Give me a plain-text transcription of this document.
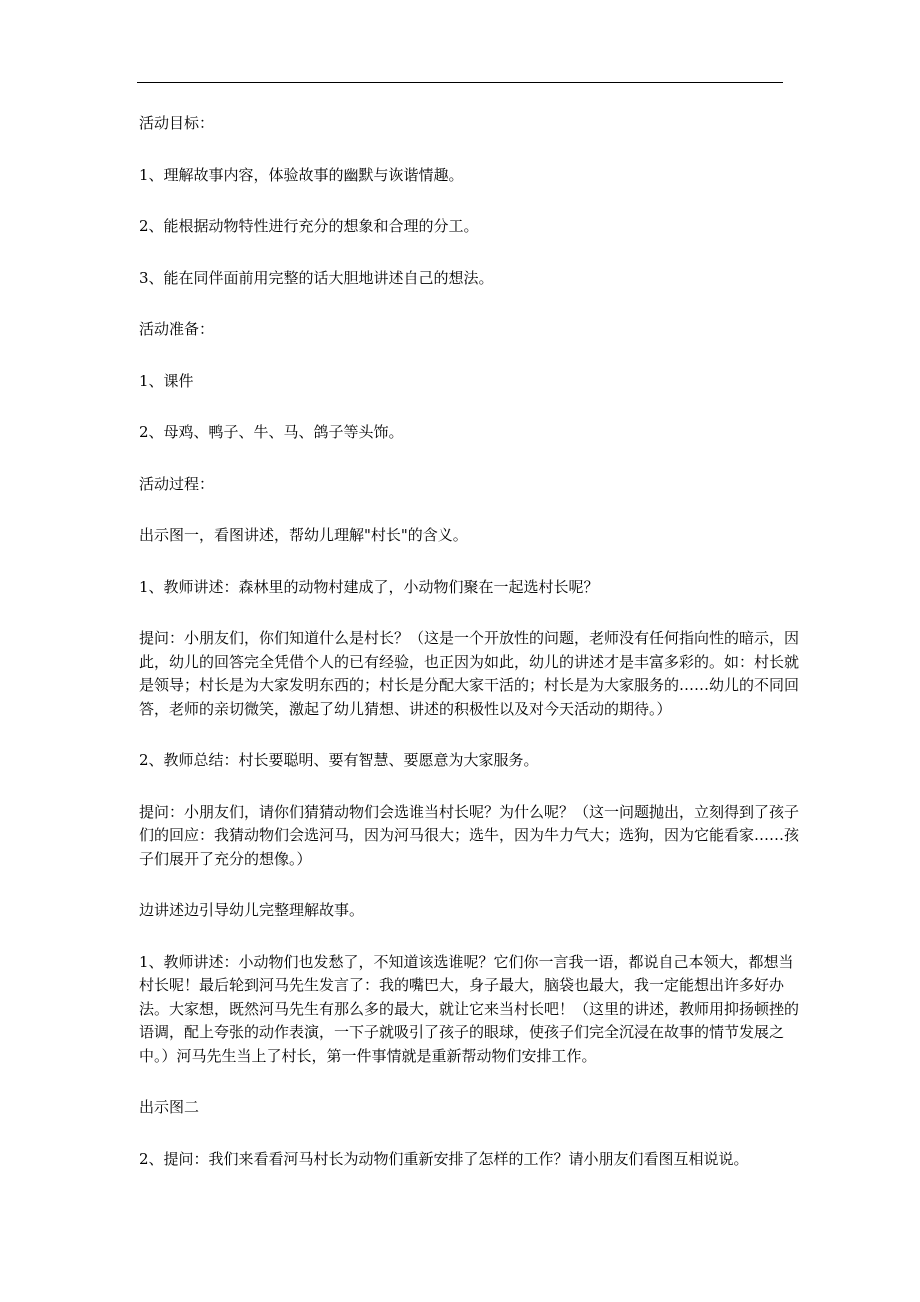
活动目标：

1、理解故事内容，体验故事的幽默与诙谐情趣。

2、能根据动物特性进行充分的想象和合理的分工。

3、能在同伴面前用完整的话大胆地讲述自己的想法。

活动准备：

1、课件

2、母鸡、鸭子、牛、马、鸽子等头饰。

活动过程：

出示图一，看图讲述，帮幼儿理解"村长"的含义。

1、教师讲述：森林里的动物村建成了，小动物们聚在一起选村长呢？

提问：小朋友们，你们知道什么是村长？（这是一个开放性的问题，老师没有任何指向性的暗示，因此，幼儿的回答完全凭借个人的已有经验，也正因为如此，幼儿的讲述才是丰富多彩的。如：村长就是领导；村长是为大家发明东西的；村长是分配大家干活的；村长是为大家服务的……幼儿的不同回答，老师的亲切微笑，激起了幼儿猜想、讲述的积极性以及对今天活动的期待。）

2、教师总结：村长要聪明、要有智慧、要愿意为大家服务。

提问：小朋友们，请你们猜猜动物们会选谁当村长呢？为什么呢？（这一问题抛出，立刻得到了孩子们的回应：我猜动物们会选河马，因为河马很大；选牛，因为牛力气大；选狗，因为它能看家……孩子们展开了充分的想像。）

边讲述边引导幼儿完整理解故事。

1、教师讲述：小动物们也发愁了，不知道该选谁呢？它们你一言我一语，都说自己本领大，都想当村长呢！最后轮到河马先生发言了：我的嘴巴大，身子最大，脑袋也最大，我一定能想出许多好办法。大家想，既然河马先生有那么多的最大，就让它来当村长吧！（这里的讲述，教师用抑扬顿挫的语调，配上夸张的动作表演，一下子就吸引了孩子的眼球，使孩子们完全沉浸在故事的情节发展之中。）河马先生当上了村长，第一件事情就是重新帮动物们安排工作。

出示图二

2、提问：我们来看看河马村长为动物们重新安排了怎样的工作？请小朋友们看图互相说说。
